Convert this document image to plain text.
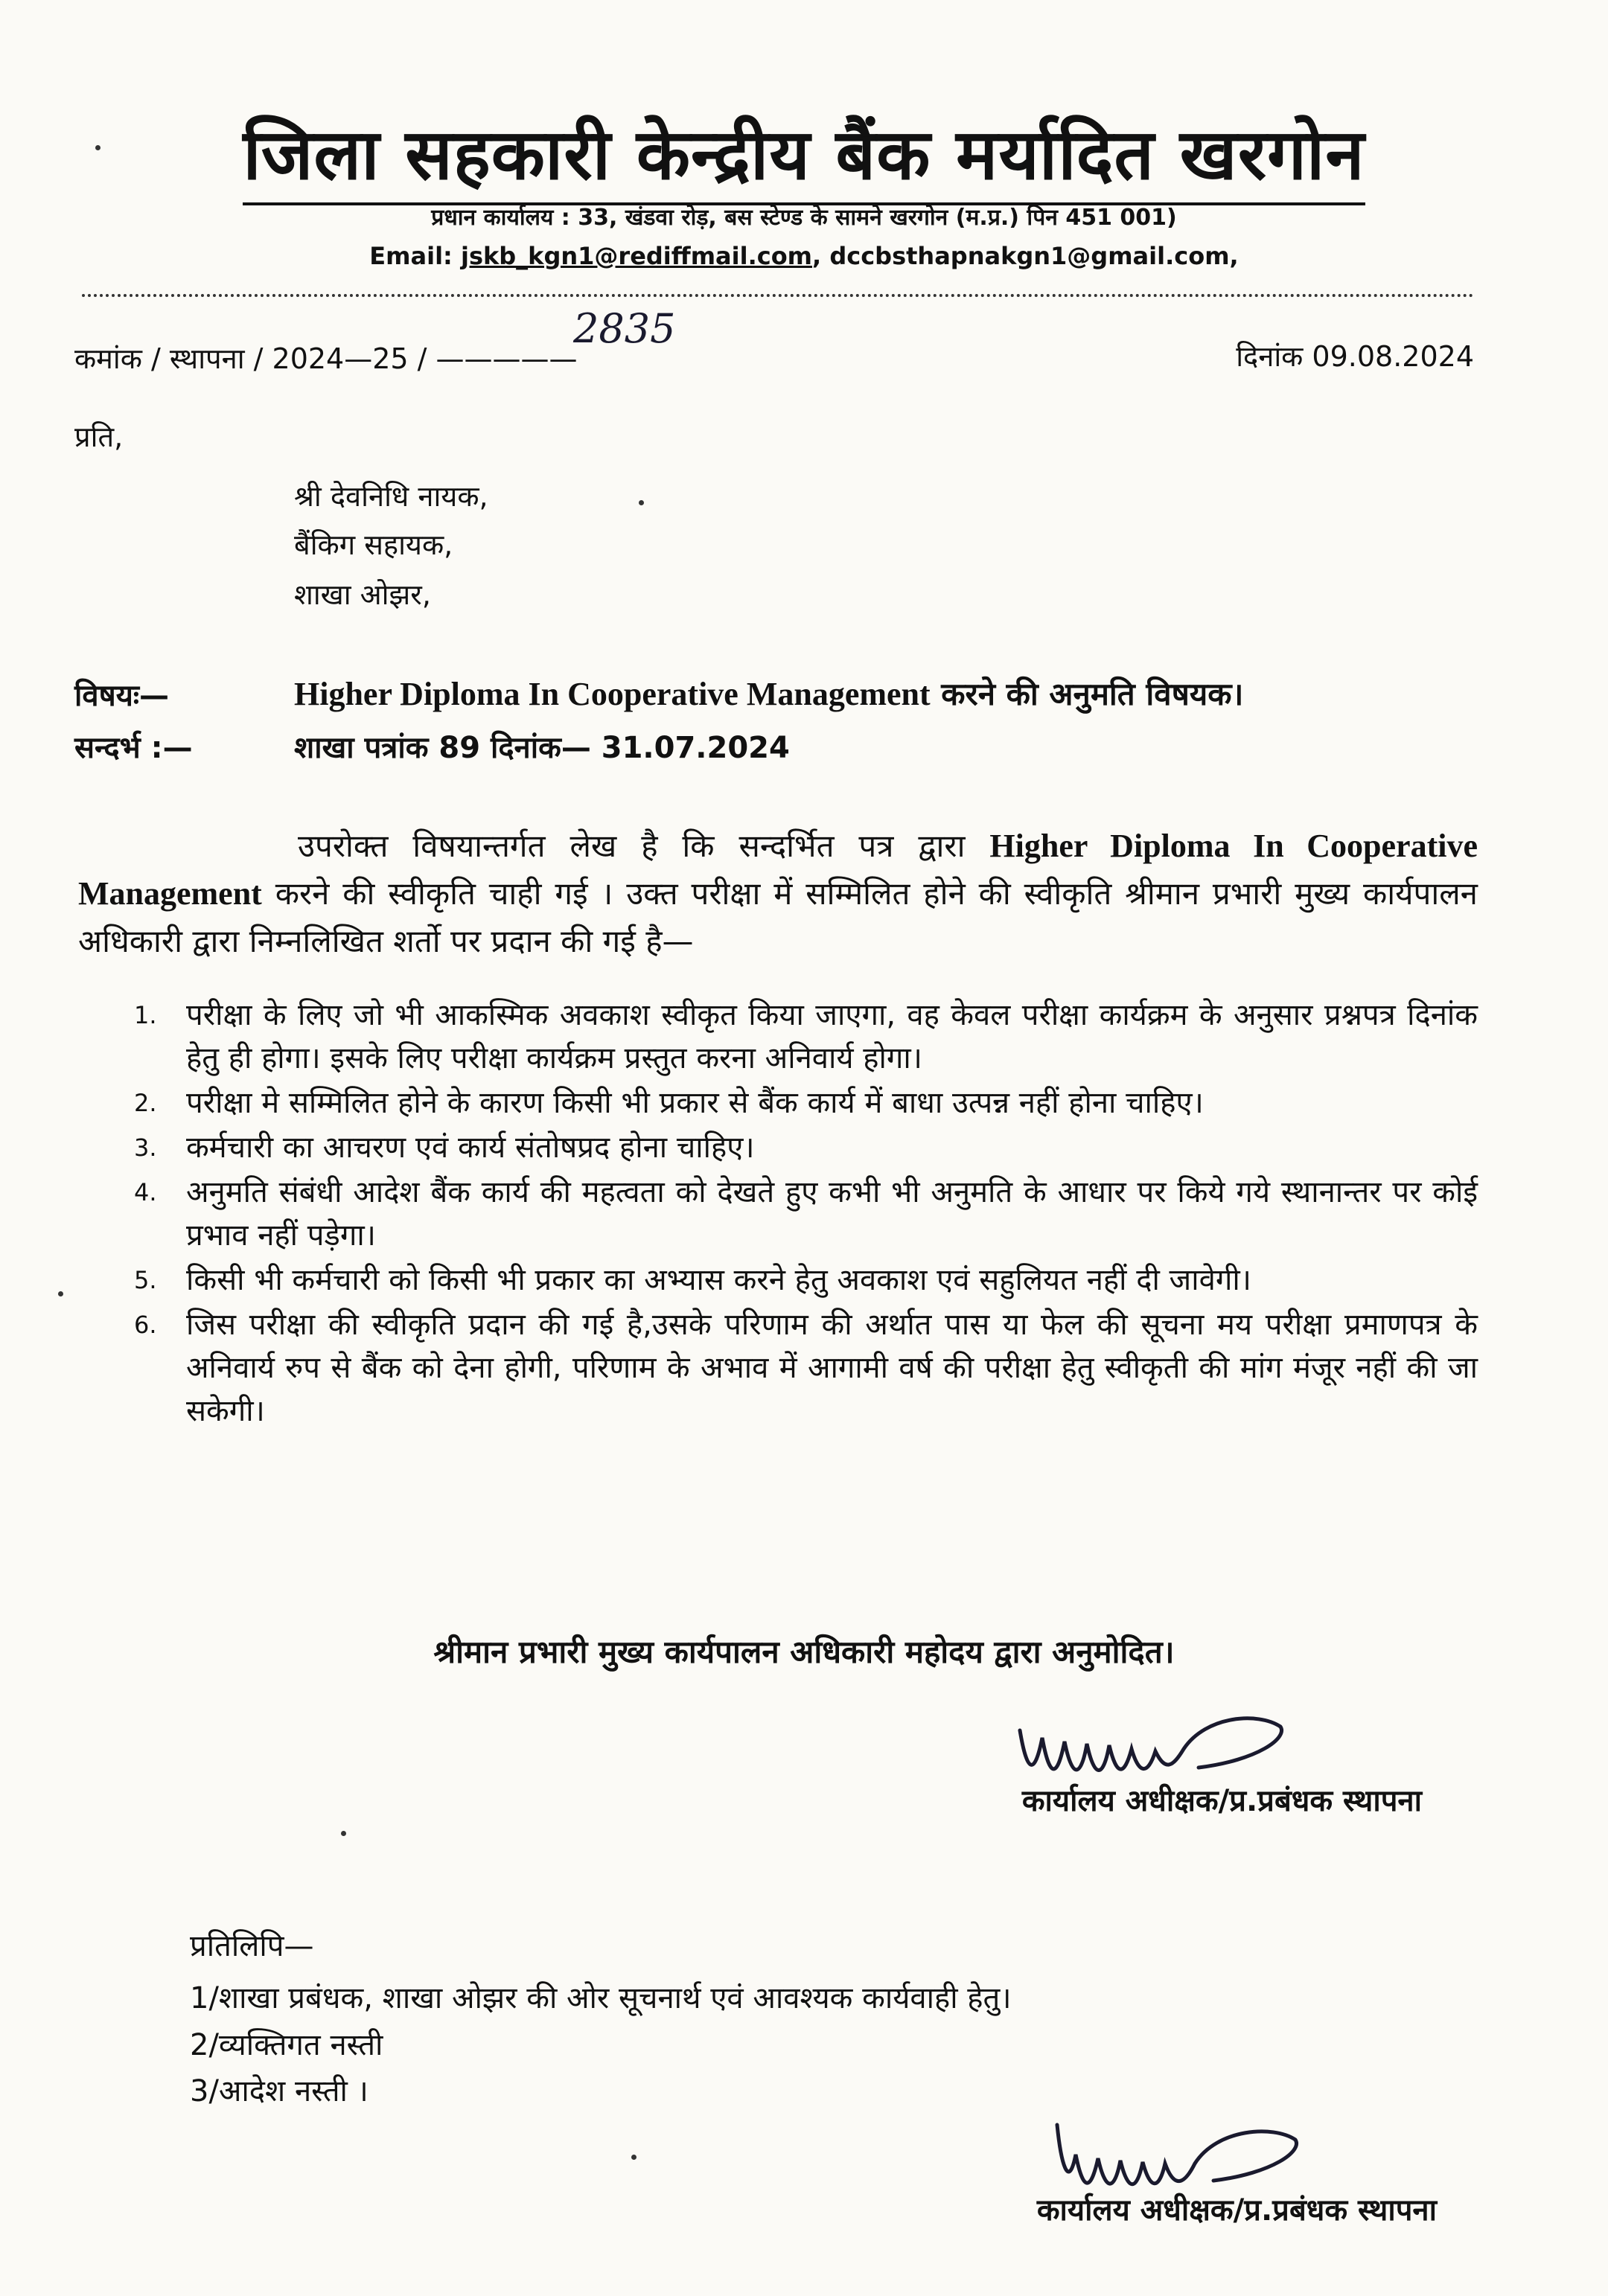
जिला सहकारी केन्द्रीय बैंक मर्यादित खरगोन
प्रधान कार्यालय : 33, खंडवा रोड़, बस स्टेण्ड के सामने खरगोन (म.प्र.) पिन 451 001)
Email: jskb_kgn1@rediffmail.com, dccbsthapnakgn1@gmail.com,
कमांक / स्थापना / 2024—25 / —————
2835
दिनांक 09.08.2024
प्रति,
श्री देवनिधि नायक,
बैंकिग सहायक,
शाखा ओझर,
विषयः—	Higher Diploma In Cooperative Management करने की अनुमति विषयक।
सन्दर्भ :—	शाखा पत्रांक 89 दिनांक— 31.07.2024
उपरोक्त विषयान्तर्गत लेख है कि सन्दर्भित पत्र द्वारा Higher Diploma In Cooperative Management करने की स्वीकृति चाही गई । उक्त परीक्षा में सम्मिलित होने की स्वीकृति श्रीमान प्रभारी मुख्य कार्यपालन अधिकारी द्वारा निम्नलिखित शर्तो पर प्रदान की गई है—
1. परीक्षा के लिए जो भी आकस्मिक अवकाश स्वीकृत किया जाएगा, वह केवल परीक्षा कार्यक्रम के अनुसार प्रश्नपत्र दिनांक हेतु ही होगा। इसके लिए परीक्षा कार्यक्रम प्रस्तुत करना अनिवार्य होगा।
2. परीक्षा मे सम्मिलित होने के कारण किसी भी प्रकार से बैंक कार्य में बाधा उत्पन्न नहीं होना चाहिए।
3. कर्मचारी का आचरण एवं कार्य संतोषप्रद होना चाहिए।
4. अनुमति संबंधी आदेश बैंक कार्य की महत्वता को देखते हुए कभी भी अनुमति के आधार पर किये गये स्थानान्तर पर कोई प्रभाव नहीं पड़ेगा।
5. किसी भी कर्मचारी को किसी भी प्रकार का अभ्यास करने हेतु अवकाश एवं सहुलियत नहीं दी जावेगी।
6. जिस परीक्षा की स्वीकृति प्रदान की गई है,उसके परिणाम की अर्थात पास या फेल की सूचना मय परीक्षा प्रमाणपत्र के अनिवार्य रुप से बैंक को देना होगी, परिणाम के अभाव में आगामी वर्ष की परीक्षा हेतु स्वीकृती की मांग मंजूर नहीं की जा सकेगी।
श्रीमान प्रभारी मुख्य कार्यपालन अधिकारी महोदय द्वारा अनुमोदित।
कार्यालय अधीक्षक/प्र.प्रबंधक स्थापना
प्रतिलिपि—
1/शाखा प्रबंधक, शाखा ओझर की ओर सूचनार्थ एवं आवश्यक कार्यवाही हेतु।
2/व्यक्तिगत नस्ती
3/आदेश नस्ती ।
कार्यालय अधीक्षक/प्र.प्रबंधक स्थापना
